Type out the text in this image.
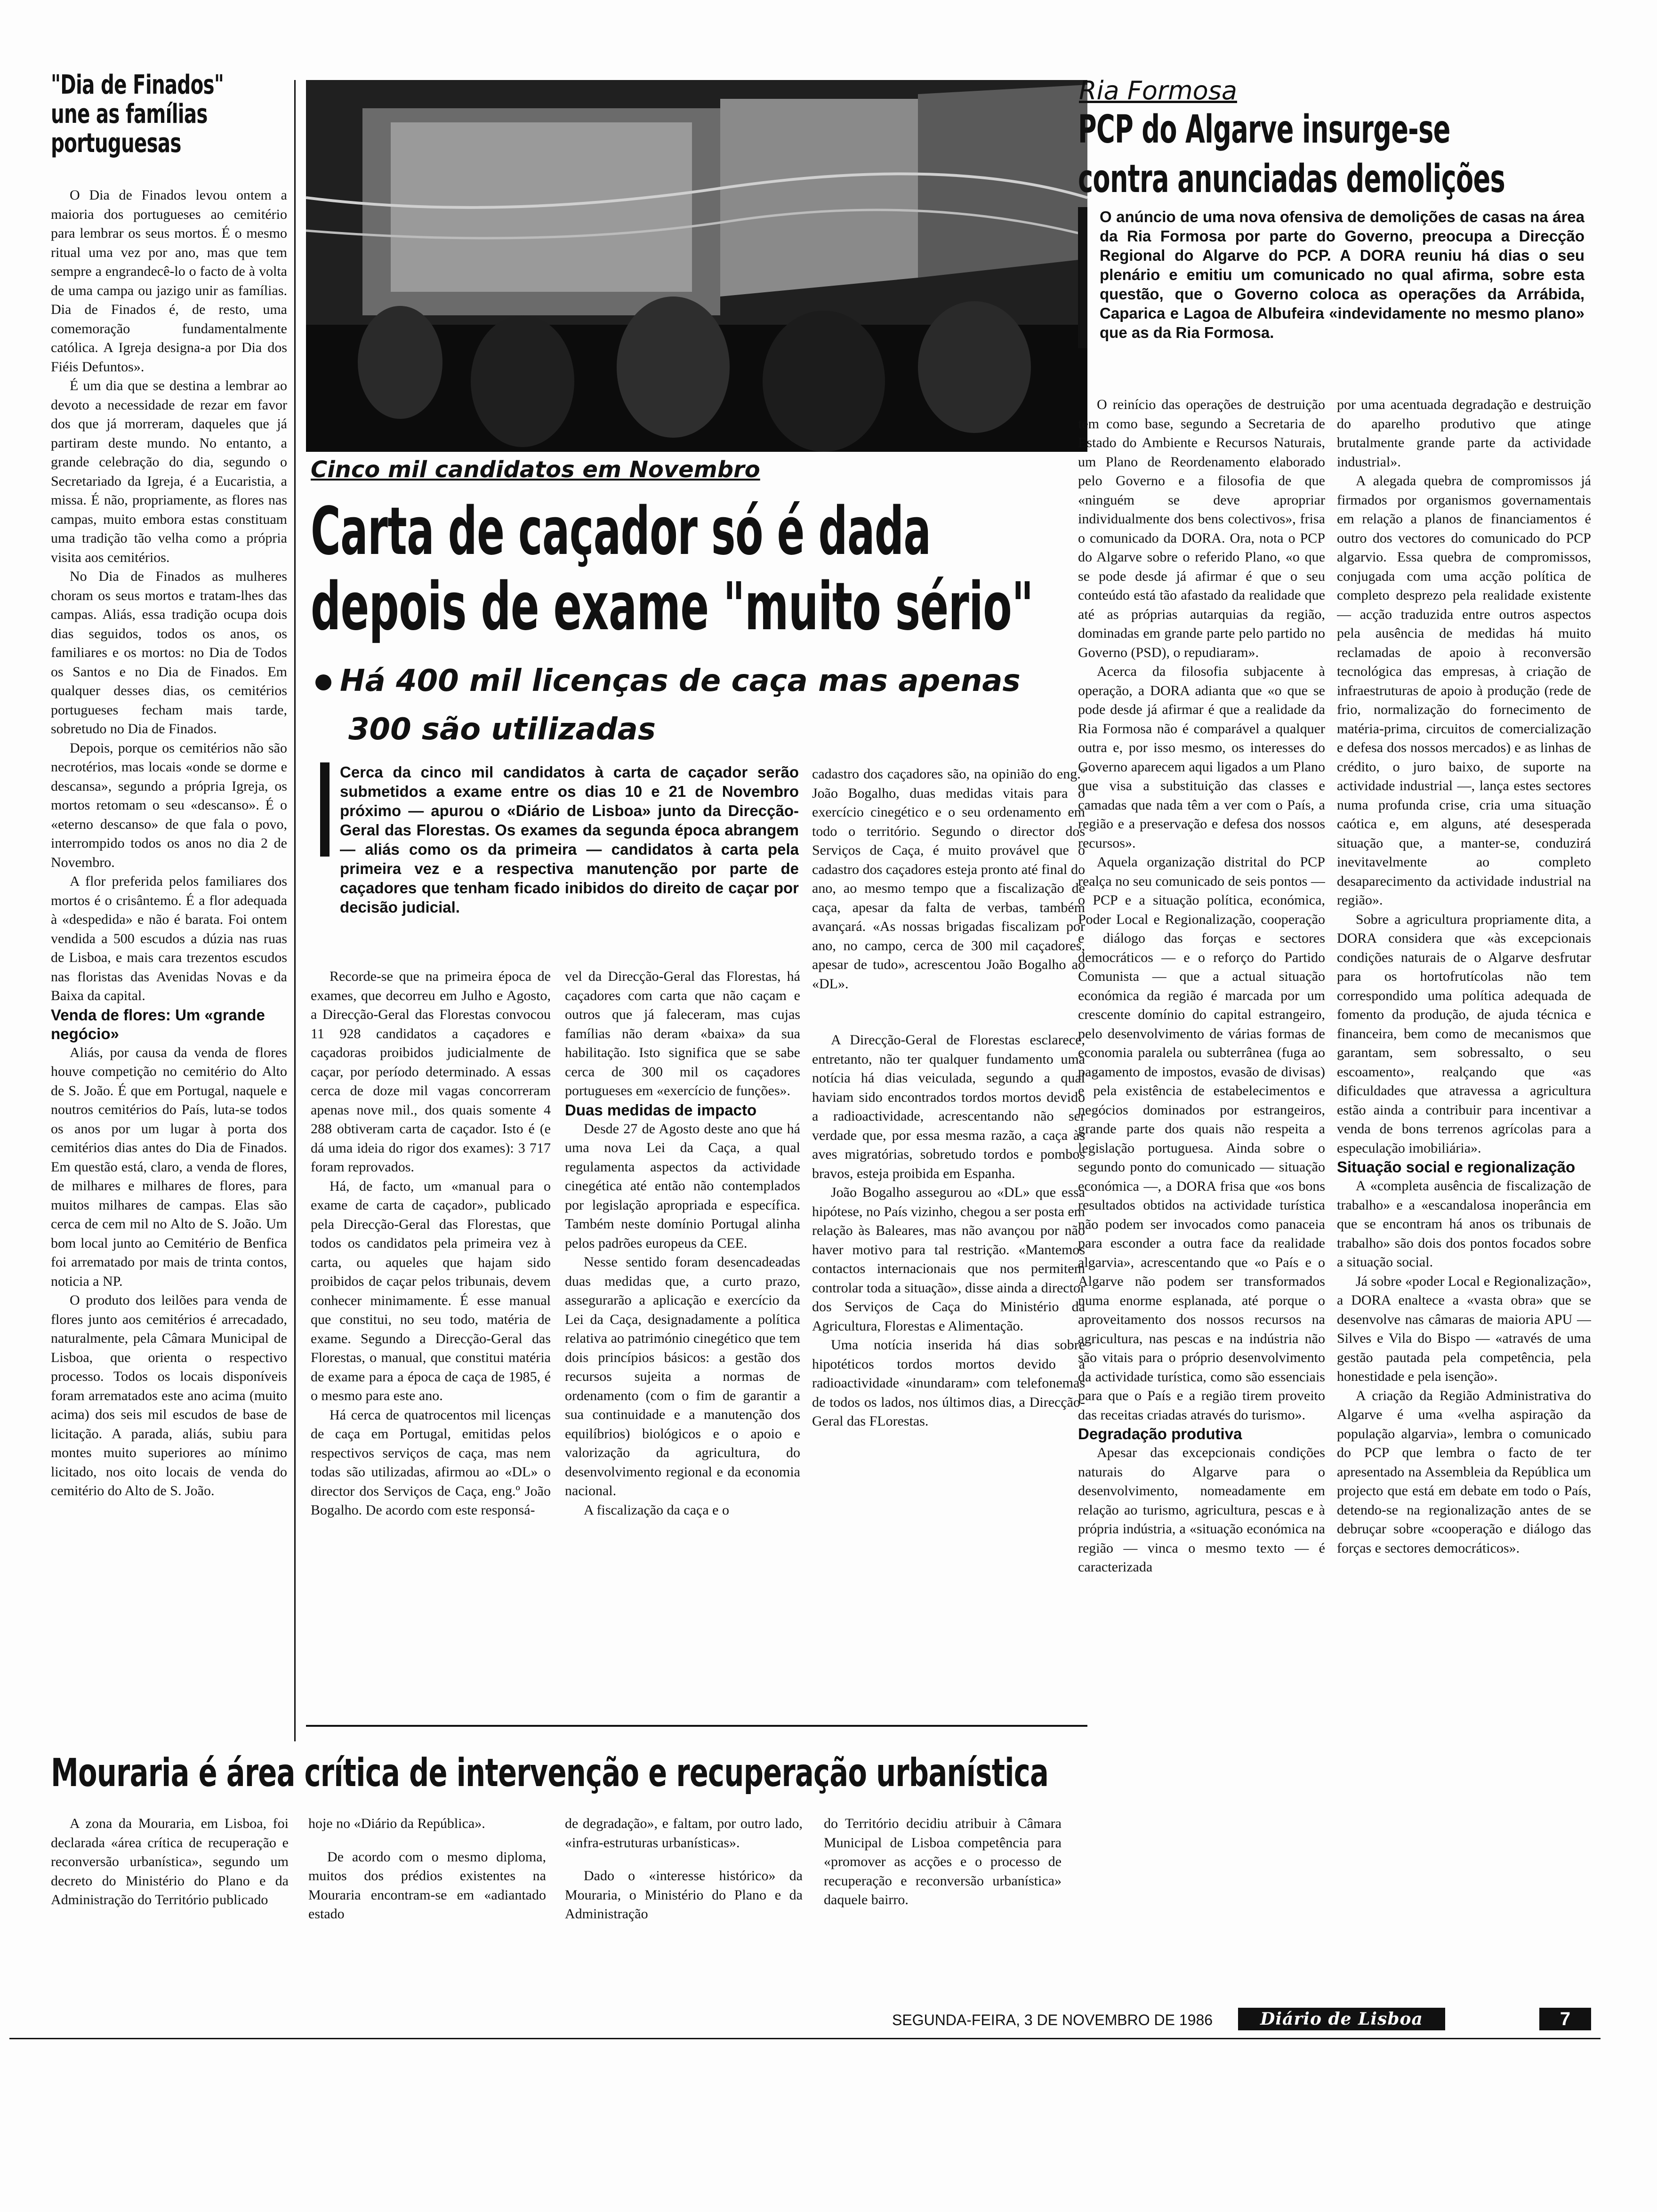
"Dia de Finados"
une as famílias
portuguesas

O Dia de Finados levou ontem a maioria dos portugueses ao cemitério para lembrar os seus mortos. É o mesmo ritual uma vez por ano, mas que tem sempre a engrandecê-lo o facto de à volta de uma campa ou jazigo unir as famílias. Dia de Finados é, de resto, uma comemoração fundamentalmente católica. A Igreja designa-a por Dia dos Fiéis Defuntos».

É um dia que se destina a lembrar ao devoto a necessidade de rezar em favor dos que já morreram, daqueles que já partiram deste mundo. No entanto, a grande celebração do dia, segundo o Secretariado da Igreja, é a Eucaristia, a missa. É não, propriamente, as flores nas campas, muito embora estas constituam uma tradição tão velha como a própria visita aos cemitérios.

No Dia de Finados as mulheres choram os seus mortos e tratam-lhes das campas. Aliás, essa tradição ocupa dois dias seguidos, todos os anos, os familiares e os mortos: no Dia de Todos os Santos e no Dia de Finados. Em qualquer desses dias, os cemitérios portugueses fecham mais tarde, sobretudo no Dia de Finados.

Depois, porque os cemitérios não são necrotérios, mas locais «onde se dorme e descansa», segundo a própria Igreja, os mortos retomam o seu «descanso». É o «eterno descanso» de que fala o povo, interrompido todos os anos no dia 2 de Novembro.

A flor preferida pelos familiares dos mortos é o crisântemo. É a flor adequada à «despedida» e não é barata. Foi ontem vendida a 500 escudos a dúzia nas ruas de Lisboa, e mais cara trezentos escudos nas floristas das Avenidas Novas e da Baixa da capital.

Venda de flores: Um «grande negócio»

Aliás, por causa da venda de flores houve competição no cemitério do Alto de S. João. É que em Portugal, naquele e noutros cemitérios do País, luta-se todos os anos por um lugar à porta dos cemitérios dias antes do Dia de Finados. Em questão está, claro, a venda de flores, de milhares e milhares de flores, para muitos milhares de campas. Elas são cerca de cem mil no Alto de S. João. Um bom local junto ao Cemitério de Benfica foi arrematado por mais de trinta contos, noticia a NP.

O produto dos leilões para venda de flores junto aos cemitérios é arrecadado, naturalmente, pela Câmara Municipal de Lisboa, que orienta o respectivo processo. Todos os locais disponíveis foram arrematados este ano acima (muito acima) dos seis mil escudos de base de licitação. A parada, aliás, subiu para montes muito superiores ao mínimo licitado, nos oito locais de venda do cemitério do Alto de S. João.

Cinco mil candidatos em Novembro
Carta de caçador só é dada
depois de exame "muito sério"
Há 400 mil licenças de caça mas apenas
300 são utilizadas
Cerca da cinco mil candidatos à carta de caçador serão submetidos a exame entre os dias 10 e 21 de Novembro próximo — apurou o «Diário de Lisboa» junto da Direcção-Geral das Florestas. Os exames da segunda época abrangem — aliás como os da primeira — candidatos à carta pela primeira vez e a respectiva manutenção por parte de caçadores que tenham ficado inibidos do direito de caçar por decisão judicial.

cadastro dos caçadores são, na opinião do eng.º João Bogalho, duas medidas vitais para o exercício cinegético e o seu ordenamento em todo o território. Segundo o director dos Serviços de Caça, é muito provável que o cadastro dos caçadores esteja pronto até final do ano, ao mesmo tempo que a fiscalização de caça, apesar da falta de verbas, também avançará. «As nossas brigadas fiscalizam por ano, no campo, cerca de 300 mil caçadores, apesar de tudo», acrescentou João Bogalho ao «DL».

Recorde-se que na primeira época de exames, que decorreu em Julho e Agosto, a Direcção-Geral das Florestas convocou 11 928 candidatos a caçadores e caçadoras proibidos judicialmente de caçar, por período determinado. A essas cerca de doze mil vagas concorreram apenas nove mil., dos quais somente 4 288 obtiveram carta de caçador. Isto é (e dá uma ideia do rigor dos exames): 3 717 foram reprovados.

Há, de facto, um «manual para o exame de carta de caçador», publicado pela Direcção-Geral das Florestas, que todos os candidatos pela primeira vez à carta, ou aqueles que hajam sido proibidos de caçar pelos tribunais, devem conhecer minimamente. É esse manual que constitui, no seu todo, matéria de exame. Segundo a Direcção-Geral das Florestas, o manual, que constitui matéria de exame para a época de caça de 1985, é o mesmo para este ano.

Há cerca de quatrocentos mil licenças de caça em Portugal, emitidas pelos respectivos serviços de caça, mas nem todas são utilizadas, afirmou ao «DL» o director dos Serviços de Caça, eng.º João Bogalho. De acordo com este responsá-

vel da Direcção-Geral das Florestas, há caçadores com carta que não caçam e outros que já faleceram, mas cujas famílias não deram «baixa» da sua habilitação. Isto significa que se sabe cerca de 300 mil os caçadores portugueses em «exercício de funções».

Duas medidas de impacto

Desde 27 de Agosto deste ano que há uma nova Lei da Caça, a qual regulamenta aspectos da actividade cinegética até então não contemplados por legislação apropriada e específica. Também neste domínio Portugal alinha pelos padrões europeus da CEE.

Nesse sentido foram desencadeadas duas medidas que, a curto prazo, assegurarão a aplicação e exercício da Lei da Caça, designadamente a política relativa ao património cinegético que tem dois princípios básicos: a gestão dos recursos sujeita a normas de ordenamento (com o fim de garantir a sua continuidade e a manutenção dos equilíbrios) biológicos e o apoio e valorização da agricultura, do desenvolvimento regional e da economia nacional.

A fiscalização da caça e o

A Direcção-Geral de Florestas esclarece, entretanto, não ter qualquer fundamento uma notícia há dias veiculada, segundo a qual haviam sido encontrados tordos mortos devido a radioactividade, acrescentando não ser verdade que, por essa mesma razão, a caça às aves migratórias, sobretudo tordos e pombos bravos, esteja proibida em Espanha.

João Bogalho assegurou ao «DL» que essa hipótese, no País vizinho, chegou a ser posta em relação às Baleares, mas não avançou por não haver motivo para tal restrição. «Mantemos contactos internacionais que nos permitem controlar toda a situação», disse ainda a director dos Serviços de Caça do Ministério da Agricultura, Florestas e Alimentação.

Uma notícia inserida há dias sobre hipotéticos tordos mortos devido a radioactividade «inundaram» com telefonemas de todos os lados, nos últimos dias, a Direcção-Geral das FLorestas.

Ria Formosa
PCP do Algarve insurge-se
contra anunciadas demolições
O anúncio de uma nova ofensiva de demolições de casas na área da Ria Formosa por parte do Governo, preocupa a Direcção Regional do Algarve do PCP. A DORA reuniu há dias o seu plenário e emitiu um comunicado no qual afirma, sobre esta questão, que o Governo coloca as operações da Arrábida, Caparica e Lagoa de Albufeira «indevidamente no mesmo plano» que as da Ria Formosa.

O reinício das operações de destruição tem como base, segundo a Secretaria de Estado do Ambiente e Recursos Naturais, um Plano de Reordenamento elaborado pelo Governo e a filosofia de que «ninguém se deve apropriar individualmente dos bens colectivos», frisa o comunicado da DORA. Ora, nota o PCP do Algarve sobre o referido Plano, «o que se pode desde já afirmar é que o seu conteúdo está tão afastado da realidade que até as próprias autarquias da região, dominadas em grande parte pelo partido no Governo (PSD), o repudiaram».

Acerca da filosofia subjacente à operação, a DORA adianta que «o que se pode desde já afirmar é que a realidade da Ria Formosa não é comparável a qualquer outra e, por isso mesmo, os interesses do Governo aparecem aqui ligados a um Plano que visa a substituição das classes e camadas que nada têm a ver com o País, a região e a preservação e defesa dos nossos recursos».

Aquela organização distrital do PCP realça no seu comunicado de seis pontos — o PCP e a situação política, económica, Poder Local e Regionalização, cooperação e diálogo das forças e sectores democráticos — e o reforço do Partido Comunista — que a actual situação económica da região é marcada por um crescente domínio do capital estrangeiro, pelo desenvolvimento de várias formas de economia paralela ou subterrânea (fuga ao pagamento de impostos, evasão de divisas) e pela existência de estabelecimentos e negócios dominados por estrangeiros, grande parte dos quais não respeita a legislação portuguesa. Ainda sobre o segundo ponto do comunicado — situação económica —, a DORA frisa que «os bons resultados obtidos na actividade turística não podem ser invocados como panaceia para esconder a outra face da realidade algarvia», acrescentando que «o País e o Algarve não podem ser transformados numa enorme esplanada, até porque o aproveitamento dos nossos recursos na agricultura, nas pescas e na indústria não são vitais para o próprio desenvolvimento da actividade turística, como são essenciais para que o País e a região tirem proveito das receitas criadas através do turismo».

Degradação produtiva

Apesar das excepcionais condições naturais do Algarve para o desenvolvimento, nomeadamente em relação ao turismo, agricultura, pescas e à própria indústria, a «situação económica na região — vinca o mesmo texto — é caracterizada

por uma acentuada degradação e destruição do aparelho produtivo que atinge brutalmente grande parte da actividade industrial».

A alegada quebra de compromissos já firmados por organismos governamentais em relação a planos de financiamentos é outro dos vectores do comunicado do PCP algarvio. Essa quebra de compromissos, conjugada com uma acção política de completo desprezo pela realidade existente — acção traduzida entre outros aspectos pela ausência de medidas há muito reclamadas de apoio à reconversão tecnológica das empresas, à criação de infraestruturas de apoio à produção (rede de frio, normalização do fornecimento de matéria-prima, circuitos de comercialização e defesa dos nossos mercados) e as linhas de crédito, o juro baixo, de suporte na actividade industrial —, lança estes sectores numa profunda crise, cria uma situação caótica e, em alguns, até desesperada situação que, a manter-se, conduzirá inevitavelmente ao completo desaparecimento da actividade industrial na região».

Sobre a agricultura propriamente dita, a DORA considera que «às excepcionais condições naturais de o Algarve desfrutar para os hortofrutícolas não tem correspondido uma política adequada de fomento da produção, de ajuda técnica e financeira, bem como de mecanismos que garantam, sem sobressalto, o seu escoamento», realçando que «as dificuldades que atravessa a agricultura estão ainda a contribuir para incentivar a venda de bons terrenos agrícolas para a especulação imobiliária».

Situação social e regionalização

A «completa ausência de fiscalização de trabalho» e a «escandalosa inoperância em que se encontram há anos os tribunais de trabalho» são dois dos pontos focados sobre a situação social.

Já sobre «poder Local e Regionalização», a DORA enaltece a «vasta obra» que se desenvolve nas câmaras de maioria APU — Silves e Vila do Bispo — «através de uma gestão pautada pela competência, pela honestidade e pela isenção».

A criação da Região Administrativa do Algarve é uma «velha aspiração da população algarvia», lembra o comunicado do PCP que lembra o facto de ter apresentado na Assembleia da República um projecto que está em debate em todo o País, detendo-se na regionalização antes de se debruçar sobre «cooperação e diálogo das forças e sectores democráticos».

Mouraria é área crítica de intervenção e recuperação urbanística

A zona da Mouraria, em Lisboa, foi declarada «área crítica de recuperação e reconversão urbanística», segundo um decreto do Ministério do Plano e da Administração do Território publicado

hoje no «Diário da República».

De acordo com o mesmo diploma, muitos dos prédios existentes na Mouraria encontram-se em «adiantado estado

de degradação», e faltam, por outro lado, «infra-estruturas urbanísticas».

Dado o «interesse histórico» da Mouraria, o Ministério do Plano e da Administração

do Território decidiu atribuir à Câmara Municipal de Lisboa competência para «promover as acções e o processo de recuperação e reconversão urbanística» daquele bairro.

SEGUNDA-FEIRA, 3 DE NOVEMBRO DE 1986	Diário de Lisboa	7
